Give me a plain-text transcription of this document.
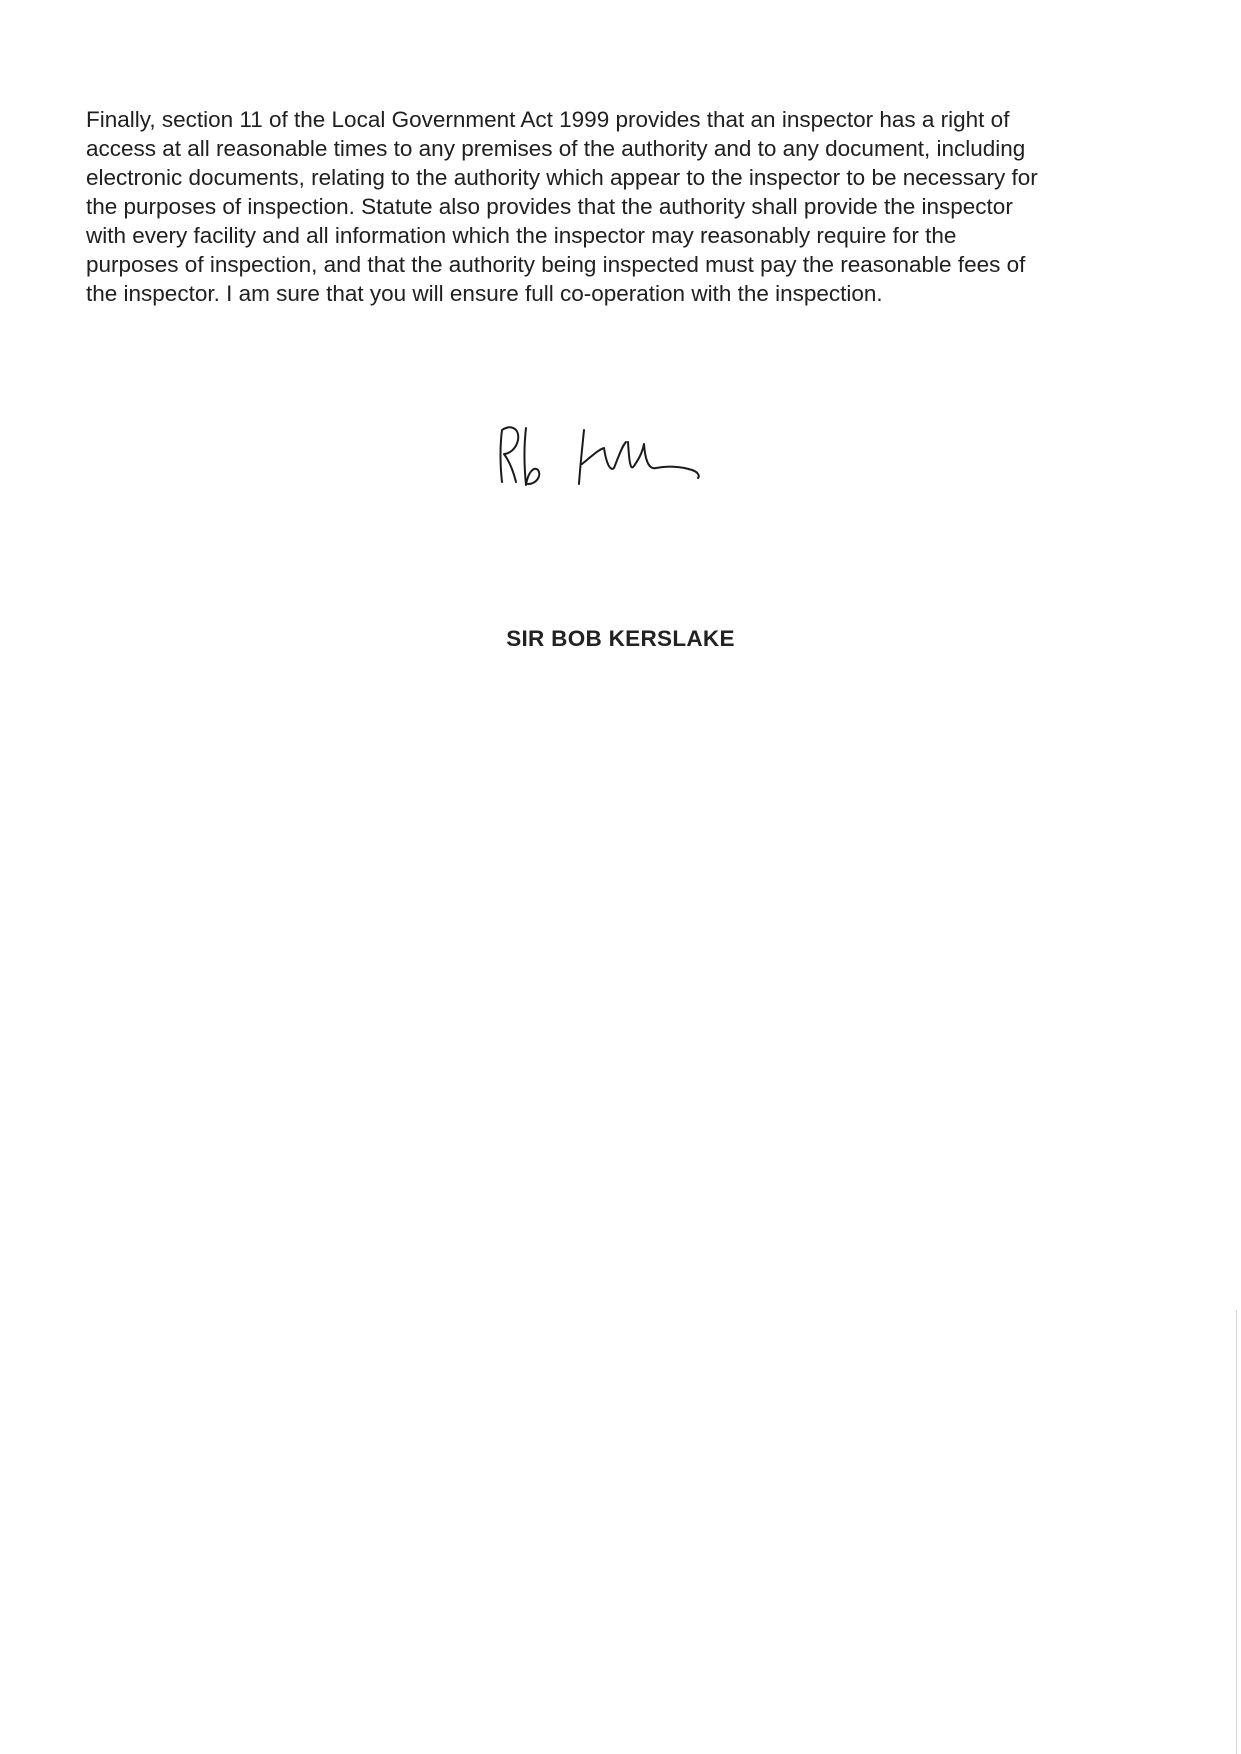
Finally, section 11 of the Local Government Act 1999 provides that an inspector has a right of
access at all reasonable times to any premises of the authority and to any document, including
electronic documents, relating to the authority which appear to the inspector to be necessary for
the purposes of inspection. Statute also provides that the authority shall provide the inspector
with every facility and all information which the inspector may reasonably require for the
purposes of inspection, and that the authority being inspected must pay the reasonable fees of
the inspector. I am sure that you will ensure full co-operation with the inspection.

SIR BOB KERSLAKE
